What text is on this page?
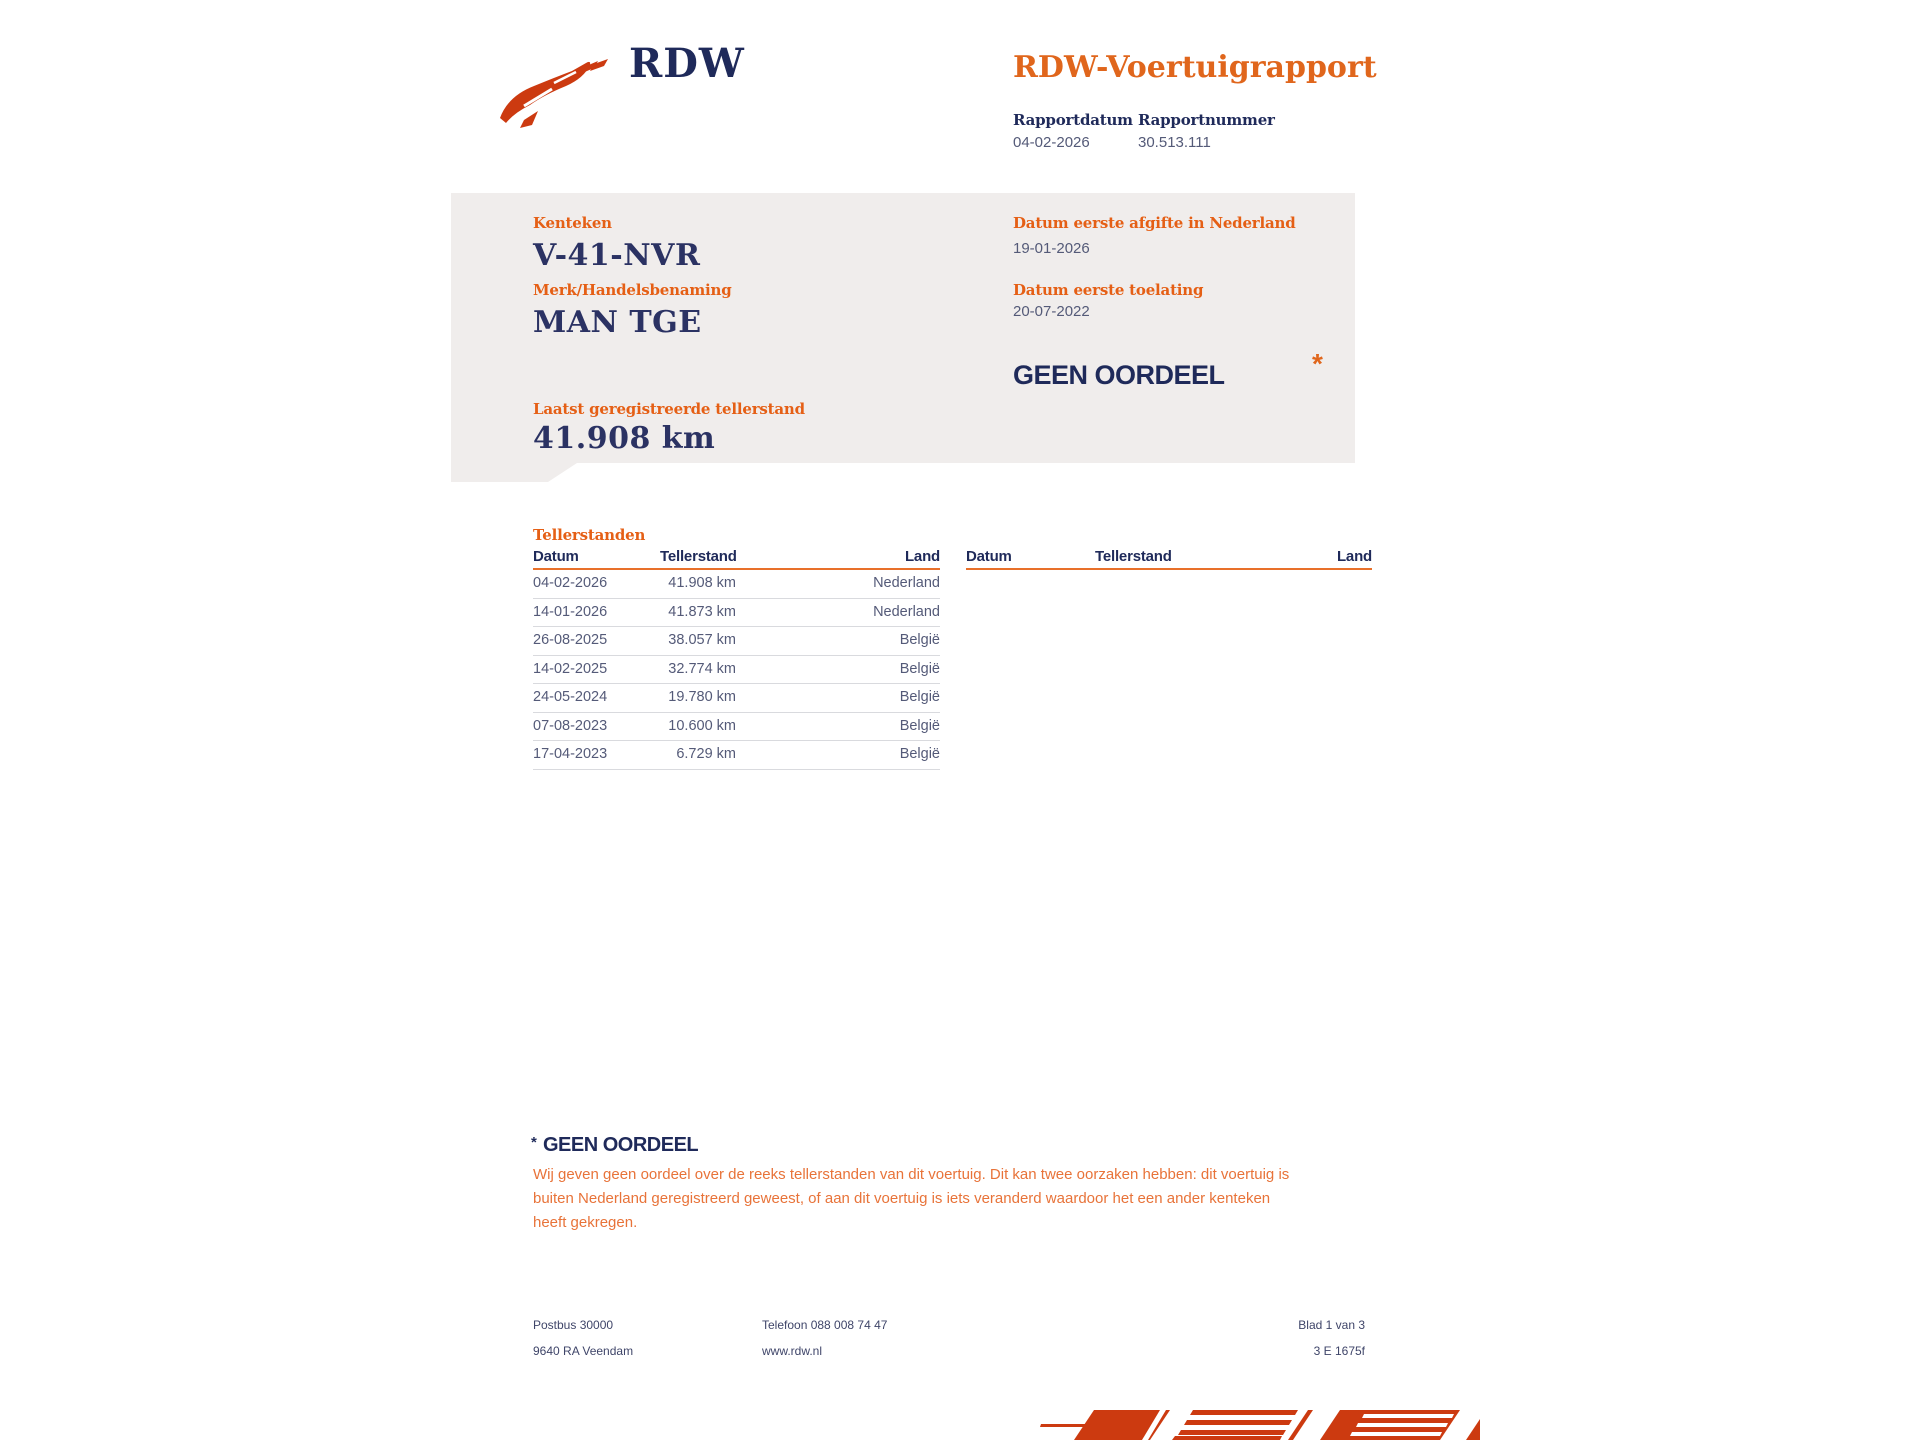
RDW	RDW-Voertuigrapport
Rapportdatum Rapportnummer
04-02-2026	30.513.111
Kenteken
V-41-NVR
Merk/Handelsbenaming
MAN TGE
Laatst geregistreerde tellerstand
41.908 km
Datum eerste afgifte in Nederland
19-01-2026
Datum eerste toelating
20-07-2022
GEEN OORDEEL	*
Tellerstanden
Datum	Tellerstand	Land
04-02-2026	41.908 km	Nederland
14-01-2026	41.873 km	Nederland
26-08-2025	38.057 km	België
14-02-2025	32.774 km	België
24-05-2024	19.780 km	België
07-08-2023	10.600 km	België
17-04-2023	6.729 km	België
Datum	Tellerstand	Land
* GEEN OORDEEL
Wij geven geen oordeel over de reeks tellerstanden van dit voertuig. Dit kan twee oorzaken hebben: dit voertuig is
buiten Nederland geregistreerd geweest, of aan dit voertuig is iets veranderd waardoor het een ander kenteken
heeft gekregen.
Postbus 30000
9640 RA Veendam
Telefoon 088 008 74 47
www.rdw.nl
Blad 1 van 3
3 E 1675f
